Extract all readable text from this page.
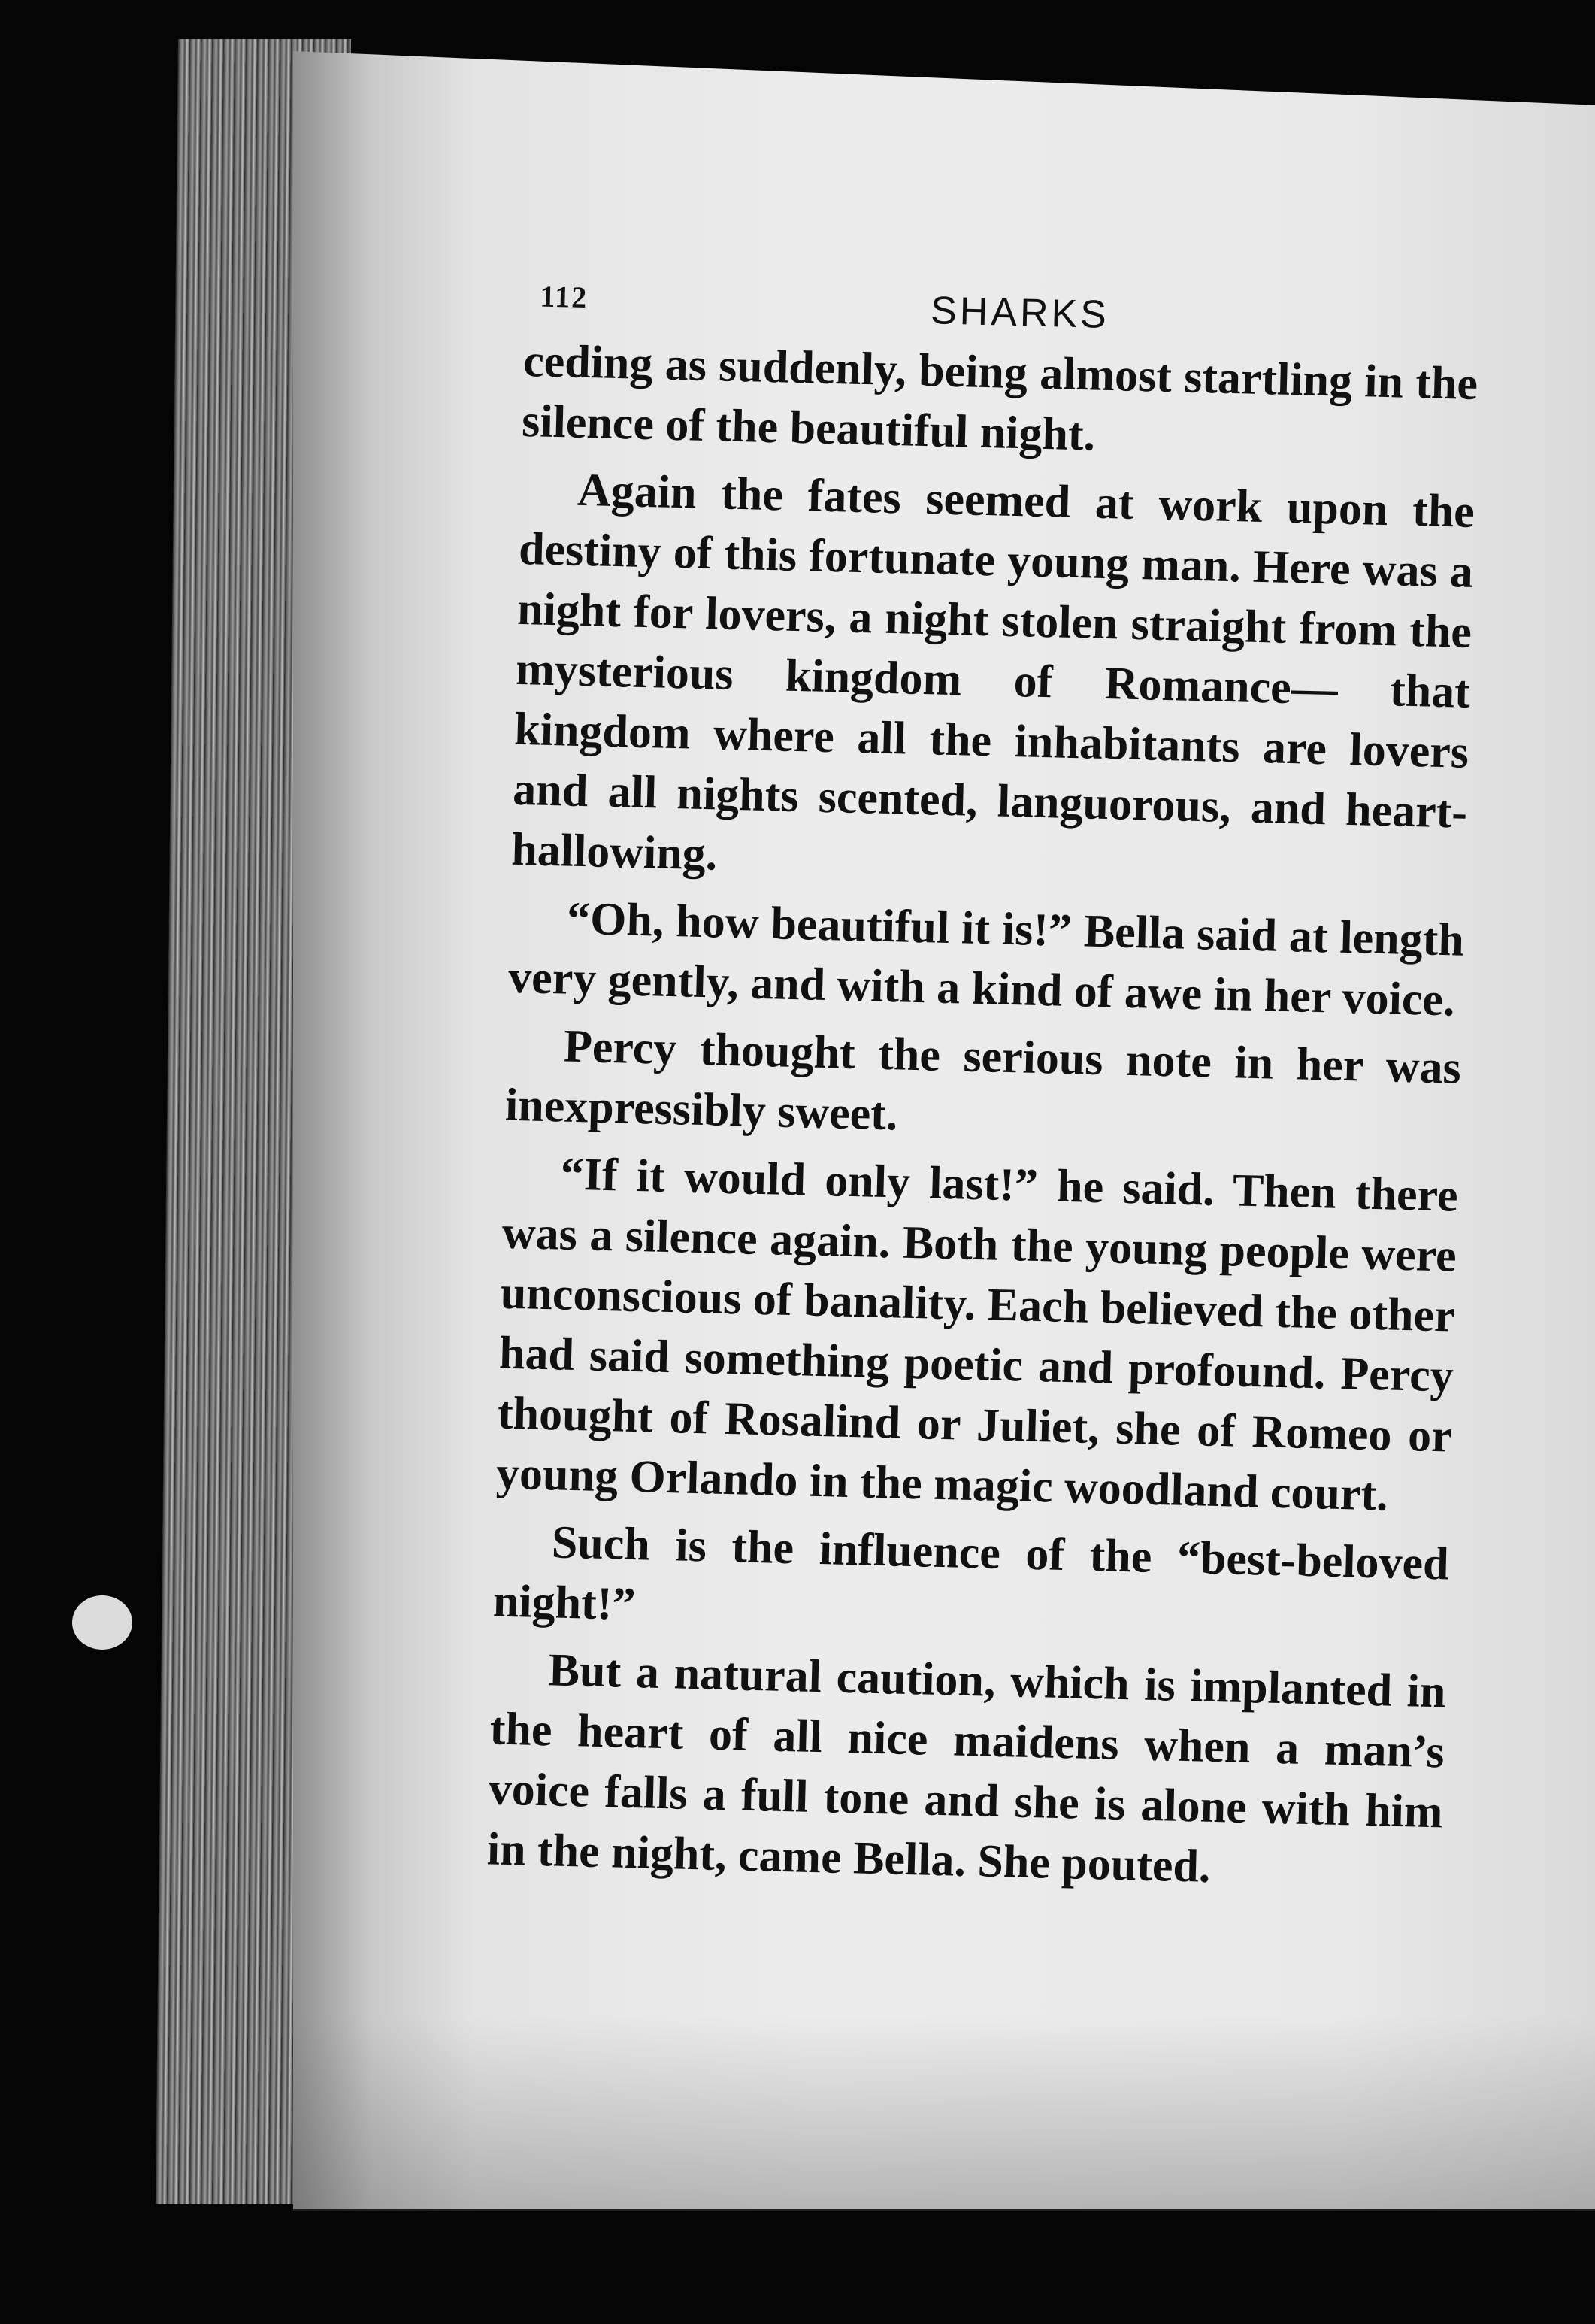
112	SHARKS

ceding as suddenly, being almost startling in the silence of the beautiful night.

Again the fates seemed at work upon the destiny of this fortunate young man. Here was a night for lovers, a night stolen straight from the mysterious kingdom of Romance— that kingdom where all the inhabitants are lovers and all nights scented, languorous, and heart-hallowing.

“Oh, how beautiful it is!” Bella said at length very gently, and with a kind of awe in her voice.

Percy thought the serious note in her was inexpressibly sweet.

“If it would only last!” he said. Then there was a silence again. Both the young people were unconscious of banality. Each believed the other had said something poetic and profound. Percy thought of Rosalind or Juliet, she of Romeo or young Orlando in the magic woodland court.

Such is the influence of the “best-beloved night!”

But a natural caution, which is implanted in the heart of all nice maidens when a man’s voice falls a full tone and she is alone with him in the night, came Bella. She pouted.
